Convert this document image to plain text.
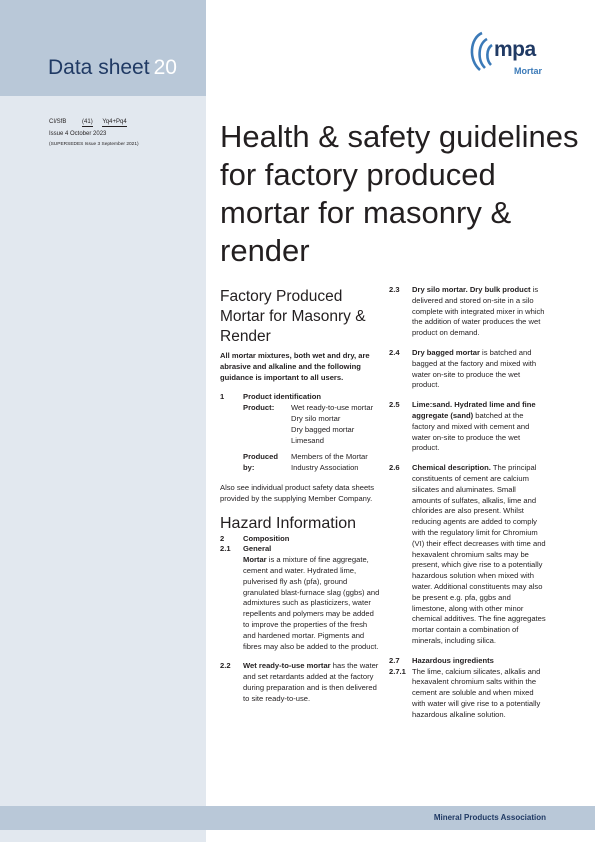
Data sheet 20
CI/SfB	(41) Yq4+Pq4
Issue 4 October 2023
(SUPERSEDES Issue 3 September 2021)
mpa
Mortar
Health & safety guidelines for factory produced mortar for masonry & render
Factory Produced Mortar for Masonry & Render
All mortar mixtures, both wet and dry, are abrasive and alkaline and the following guidance is important to all users.
1	Product identification
Product:	Wet ready-to-use mortar
Dry silo mortar
Dry bagged mortar
Limesand
Produced by:
Members of the Mortar Industry Association
Also see individual product safety data sheets provided by the supplying Member Company.
Hazard Information
2	Composition
2.1	General
Mortar is a mixture of fine aggregate, cement and water. Hydrated lime, pulverised fly ash (pfa), ground granulated blast-furnace slag (ggbs) and admixtures such as plasticizers, water repellents and polymers may be added to improve the properties of the fresh and hardened mortar. Pigments and fibres may also be added to the product.
2.2	Wet ready-to-use mortar has the water and set retardants added at the factory during preparation and is then delivered to site ready-to-use.
2.3	Dry silo mortar. Dry bulk product is delivered and stored on-site in a silo complete with integrated mixer in which the addition of water produces the wet product on demand.
2.4	Dry bagged mortar is batched and bagged at the factory and mixed with water on-site to produce the wet product.
2.5	Lime:sand. Hydrated lime and fine aggregate (sand) batched at the factory and mixed with cement and water on-site to produce the wet product.
2.6	Chemical description. The principal constituents of cement are calcium silicates and aluminates. Small amounts of sulfates, alkalis, lime and chlorides are also present. Whilst reducing agents are added to comply with the regulatory limit for Chromium (VI) their effect decreases with time and hexavalent chromium salts may be present, which give rise to a potentially hazardous solution when mixed with water. Additional constituents may also be present e.g. pfa, ggbs and limestone, along with other minor chemical additives. The fine aggregates mortar contain a combination of minerals, including silica.
2.7	Hazardous ingredients
2.7.1 The lime, calcium silicates, alkalis and hexavalent chromium salts within the cement are soluble and when mixed with water will give rise to a potentially hazardous alkaline solution.
Mineral Products Association
